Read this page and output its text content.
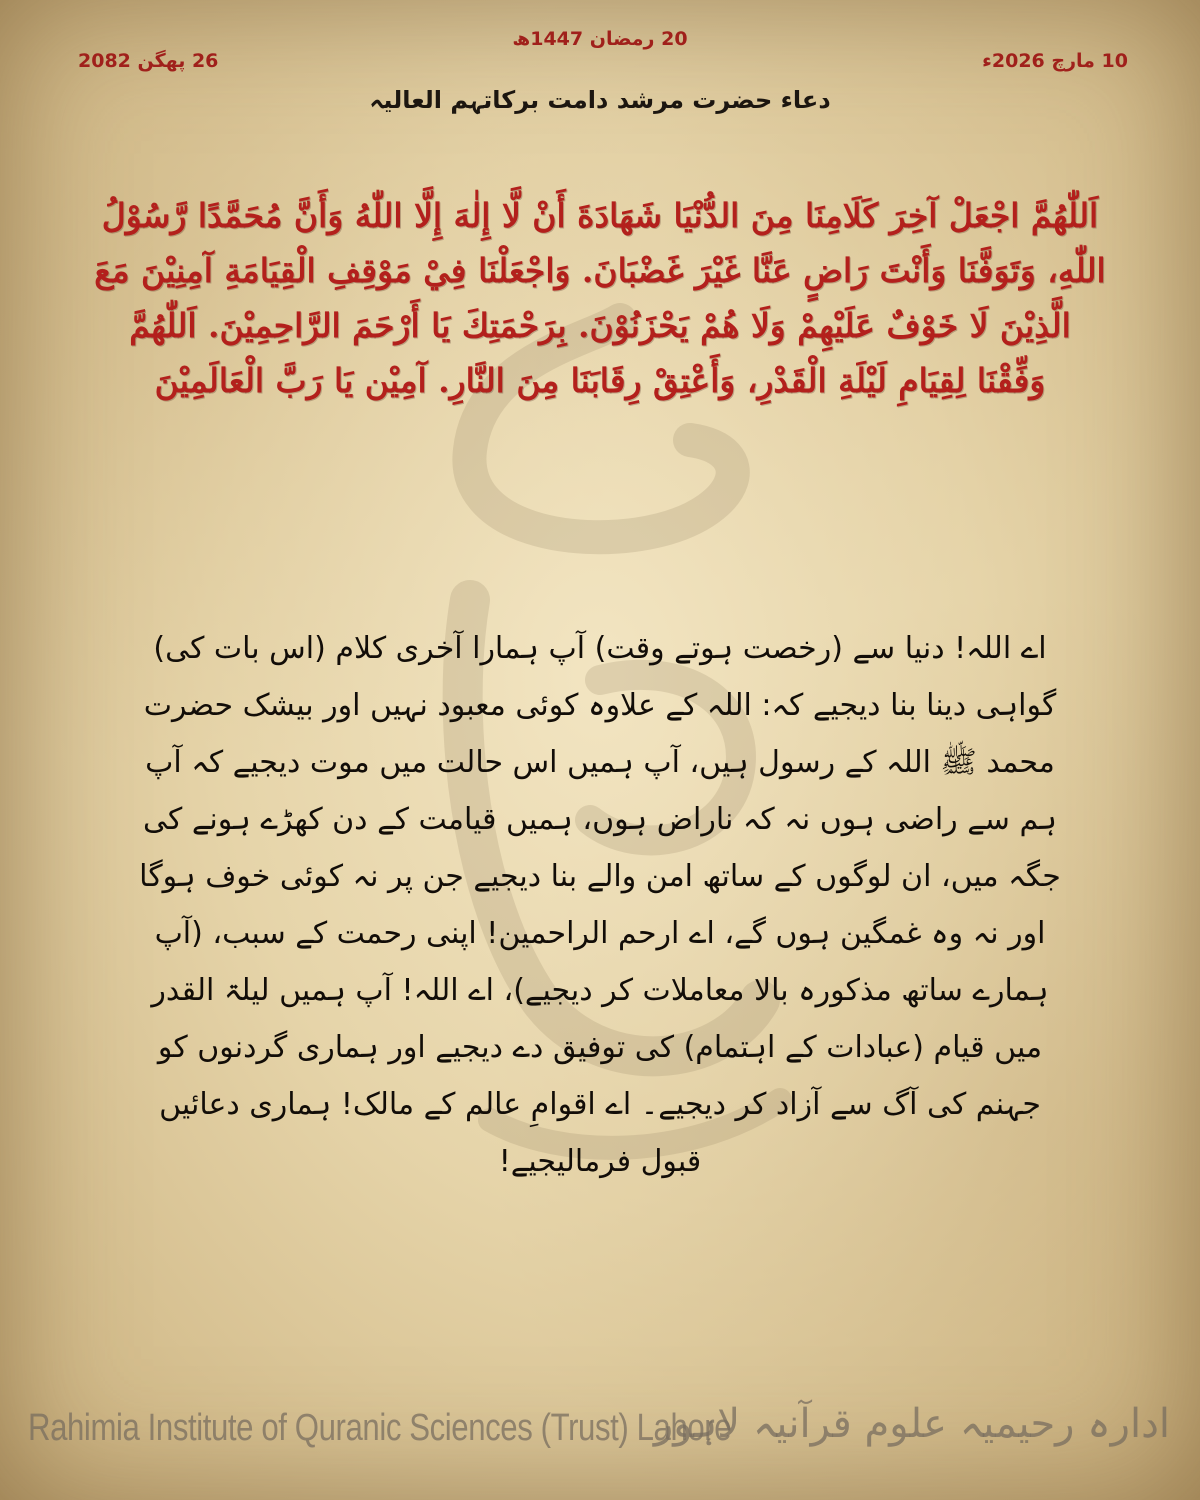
10 مارچ 2026ء
20 رمضان 1447ھ
26 پھگن 2082
دعاء حضرت مرشد دامت برکاتہم العالیہ
اَللّٰهُمَّ اجْعَلْ آخِرَ كَلَامِنَا مِنَ الدُّنْيَا شَهَادَةَ أَنْ لَّا إِلٰهَ إِلَّا اللّٰهُ وَأَنَّ مُحَمَّدًا رَّسُوْلُ اللّٰهِ، وَتَوَفَّنَا وَأَنْتَ رَاضٍ عَنَّا غَيْرَ غَضْبَانَ. وَاجْعَلْنَا فِيْ مَوْقِفِ الْقِيَامَةِ آمِنِيْنَ مَعَ الَّذِيْنَ لَا خَوْفٌ عَلَيْهِمْ وَلَا هُمْ يَحْزَنُوْنَ. بِرَحْمَتِكَ يَا أَرْحَمَ الرَّاحِمِيْنَ. اَللّٰهُمَّ وَفِّقْنَا لِقِيَامِ لَيْلَةِ الْقَدْرِ، وَأَعْتِقْ رِقَابَنَا مِنَ النَّارِ. آمِيْن يَا رَبَّ الْعَالَمِيْنَ
اے اللہ! دنیا سے (رخصت ہوتے وقت) آپ ہمارا آخری کلام (اس بات کی) گواہی دینا بنا دیجیے کہ: اللہ کے علاوہ کوئی معبود نہیں اور بیشک حضرت محمد ﷺ اللہ کے رسول ہیں، آپ ہمیں اس حالت میں موت دیجیے کہ آپ ہم سے راضی ہوں نہ کہ ناراض ہوں، ہمیں قیامت کے دن کھڑے ہونے کی جگہ میں، ان لوگوں کے ساتھ امن والے بنا دیجیے جن پر نہ کوئی خوف ہوگا اور نہ وہ غمگین ہوں گے، اے ارحم الراحمین! اپنی رحمت کے سبب، (آپ ہمارے ساتھ مذکورہ بالا معاملات کر دیجیے)، اے اللہ! آپ ہمیں لیلۃ القدر میں قیام (عبادات کے اہتمام) کی توفیق دے دیجیے اور ہماری گردنوں کو جہنم کی آگ سے آزاد کر دیجیے۔ اے اقوامِ عالم کے مالک! ہماری دعائیں قبول فرمالیجیے!
Rahimia Institute of Quranic Sciences (Trust) Lahore
ادارہ رحیمیہ علوم قرآنیہ لاہور
